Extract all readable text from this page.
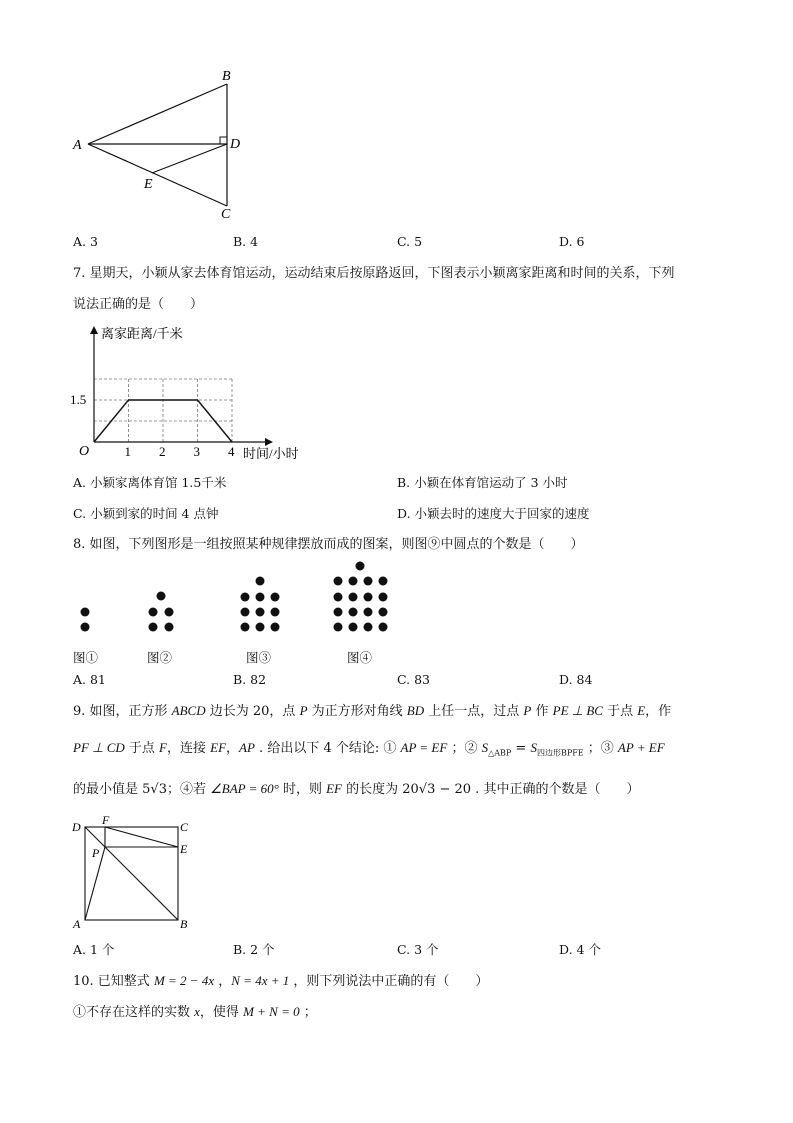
B
A	D
E
C
A. 3	B. 4	C. 5	D. 6
7. 星期天，小颖从家去体育馆运动，运动结束后按原路返回，下图表示小颖离家距离和时间的关系，下列
说法正确的是（　　）
离家距离/千米
时间/小时
O	1 2 3 4
1.5
A. 小颖家离体育馆 1.5千米	B. 小颖在体育馆运动了 3 小时
C. 小颖到家的时间 4 点钟	D. 小颖去时的速度大于回家的速度
8. 如图，下列图形是一组按照某种规律摆放而成的图案，则图⑨中圆点的个数是（　　）
图①	图②	图③	图④
A. 81	B. 82	C. 83	D. 84
9. 如图，正方形 ABCD 边长为 20，点 P 为正方形对角线 BD 上任一点，过点 P 作 PE ⊥ BC 于点 E，作
PF ⊥ CD 于点 F，连接 EF，AP . 给出以下 4 个结论: ① AP = EF ；② $S_{\triangle ABP} = S_{四边形BPFE}$ ；③ AP + EF
的最小值是 5√3；④若 ∠BAP = 60° 时，则 EF 的长度为 20√3 − 20 . 其中正确的个数是（　　）
D F	C
P	E
A	B
A. 1 个	B. 2 个	C. 3 个	D. 4 个
10. 已知整式 M = 2 − 4x ，N = 4x + 1 ，则下列说法中正确的有（　　）
①不存在这样的实数 x，使得 M + N = 0 ；
